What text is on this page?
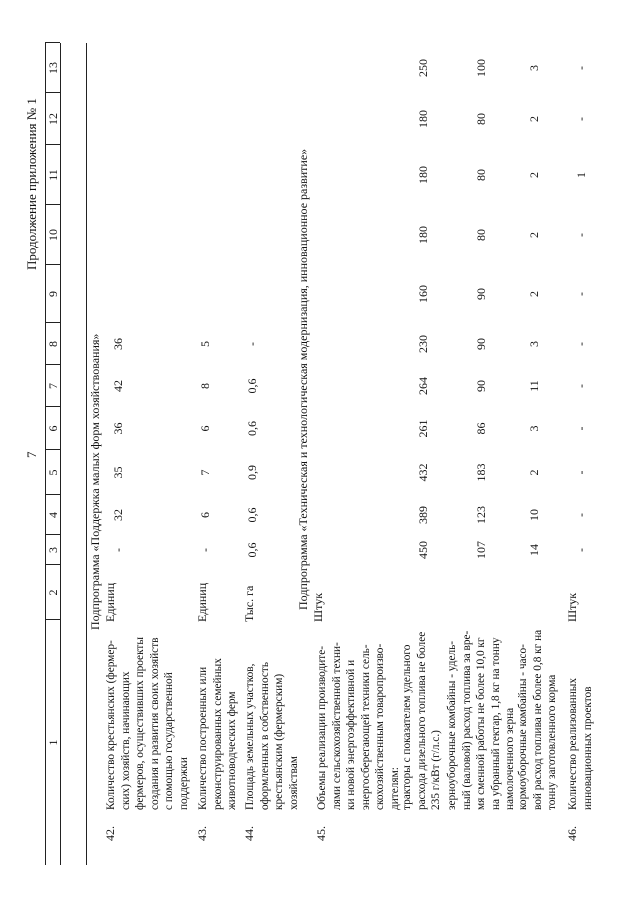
7
Продолжение приложения № 1
1
2
3
4
5
6
7
8
9
10
11
12
13
Подпрограмма «Поддержка малых форм хозяйствования»	Подпрограмма «Техническая и технологическая модернизация, инновационное развитие»
42.
Количество крестьянских (фермер- ских) хозяйств, начинающих фермеров, осуществивших проекты создания и развития своих хозяйств с помощью государственной поддержки
Единиц
-
32
35
36
42
36
43.
Количество построенных или реконструированных семейных животноводческих ферм
Единиц
-
6
7
6
8
5
44.
Площадь земельных участков, оформленных в собственность крестьянским (фермерским) хозяйствам
Тыс. га
0,6
0,6
0,9
0,6
0,6
-
45.
Объемы реализации производите- лями сельскохозяйственной техни- ки новой энергоэффективной и энергосберегающей техники сель- скохозяйственным товаропроизво- дителям:
Штук
тракторы с показателем удельного расхода дизельного топлива не более 235 г/кВт (г/л.с.)
450
389
432
261
264
230
160
180
180
180
250
зерноуборочные комбайны - удель- ный (валовой) расход топлива за вре- мя сменной работы не более 10,0 кг на убранный гектар, 1,8 кг на тонну намолоченного зерна
107
123
183
86
90
90
90
80
80
80
100
кормоуборочные комбайны - часо- вой расход топлива не более 0,8 кг на тонну заготовленного корма
14
10
2
3
11
3
2
2
2
2
3
46.
Количество реализованных инновационных проектов
Штук
-
-
-
-
-
-
-
-
1
-
-
